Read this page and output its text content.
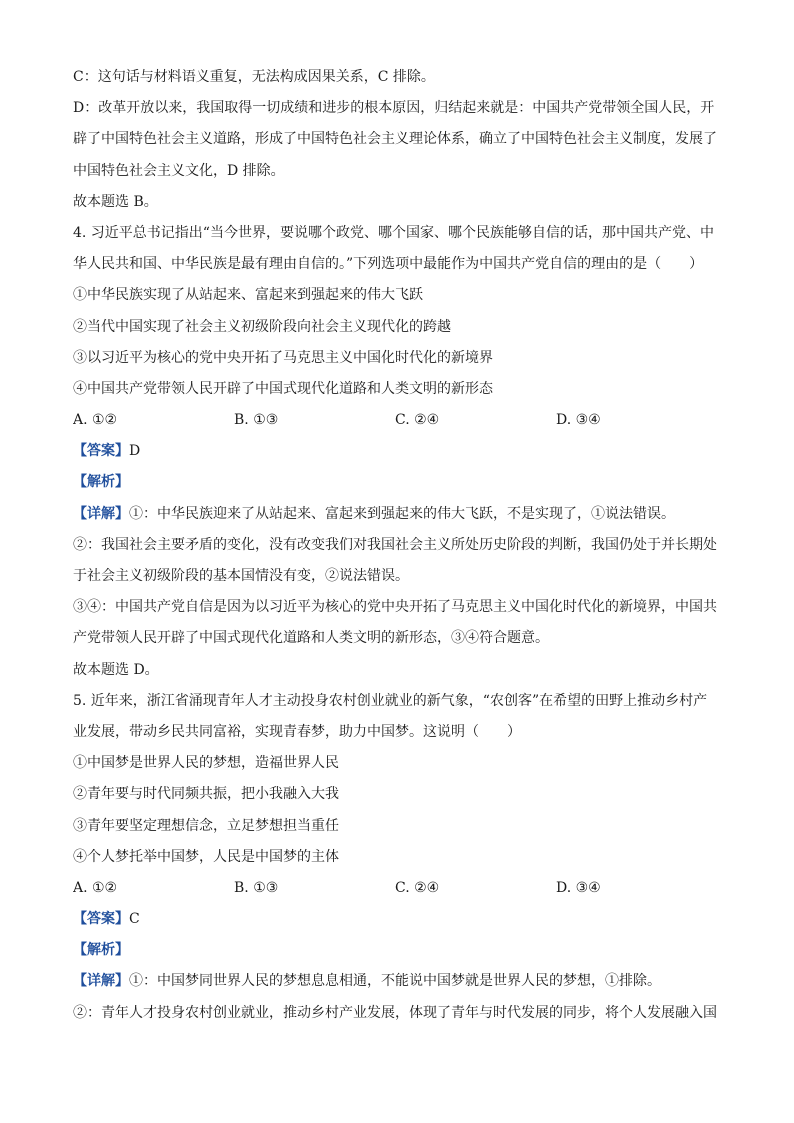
C：这句话与材料语义重复，无法构成因果关系，C 排除。
D：改革开放以来，我国取得一切成绩和进步的根本原因，归结起来就是：中国共产党带领全国人民，开
辟了中国特色社会主义道路，形成了中国特色社会主义理论体系，确立了中国特色社会主义制度，发展了
中国特色社会主义文化，D 排除。
故本题选 B。
4. 习近平总书记指出“当今世界，要说哪个政党、哪个国家、哪个民族能够自信的话，那中国共产党、中
华人民共和国、中华民族是最有理由自信的。”下列选项中最能作为中国共产党自信的理由的是（　　）
①中华民族实现了从站起来、富起来到强起来的伟大飞跃
②当代中国实现了社会主义初级阶段向社会主义现代化的跨越
③以习近平为核心的党中央开拓了马克思主义中国化时代化的新境界
④中国共产党带领人民开辟了中国式现代化道路和人类文明的新形态
A. ①②	B. ①③	C. ②④	D. ③④
【答案】D
【解析】
【详解】①：中华民族迎来了从站起来、富起来到强起来的伟大飞跃，不是实现了，①说法错误。
②：我国社会主要矛盾的变化，没有改变我们对我国社会主义所处历史阶段的判断，我国仍处于并长期处
于社会主义初级阶段的基本国情没有变，②说法错误。
③④：中国共产党自信是因为以习近平为核心的党中央开拓了马克思主义中国化时代化的新境界，中国共
产党带领人民开辟了中国式现代化道路和人类文明的新形态，③④符合题意。
故本题选 D。
5. 近年来，浙江省涌现青年人才主动投身农村创业就业的新气象，“农创客”在希望的田野上推动乡村产
业发展，带动乡民共同富裕，实现青春梦，助力中国梦。这说明（　　）
①中国梦是世界人民的梦想，造福世界人民
②青年要与时代同频共振，把小我融入大我
③青年要坚定理想信念，立足梦想担当重任
④个人梦托举中国梦，人民是中国梦的主体
A. ①②	B. ①③	C. ②④	D. ③④
【答案】C
【解析】
【详解】①：中国梦同世界人民的梦想息息相通，不能说中国梦就是世界人民的梦想，①排除。
②：青年人才投身农村创业就业，推动乡村产业发展，体现了青年与时代发展的同步，将个人发展融入国
